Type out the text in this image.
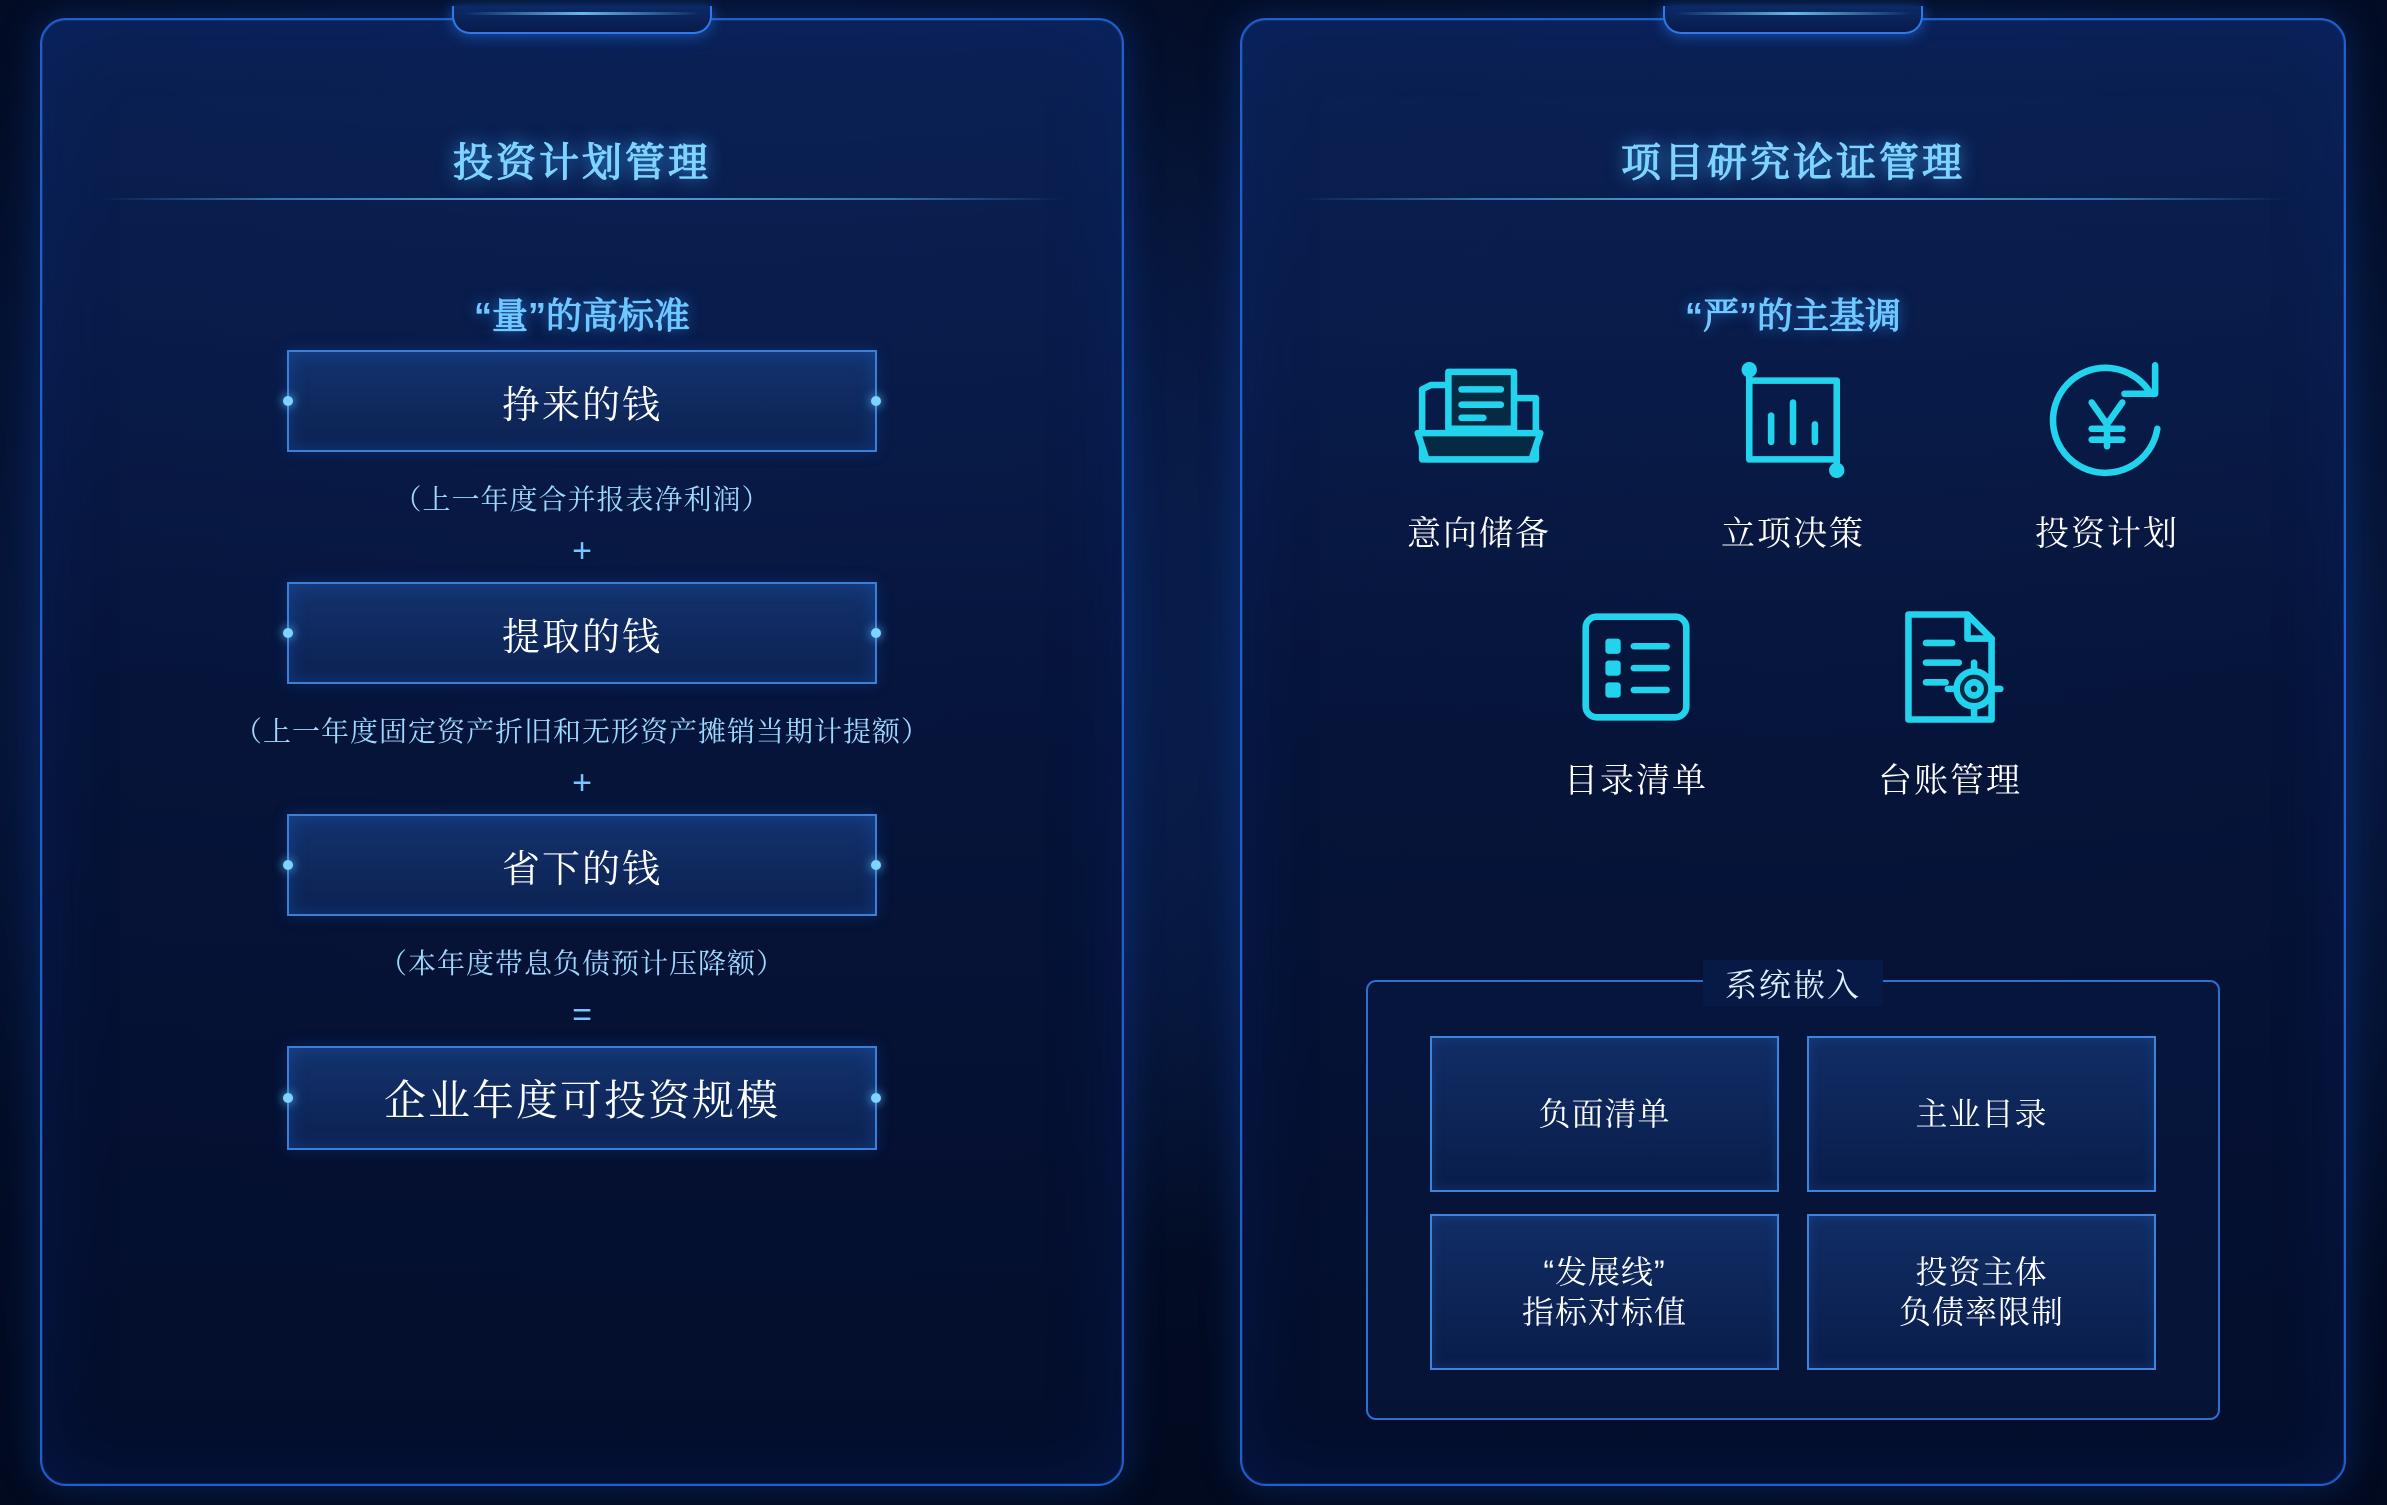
投资计划管理
“量”的高标准
挣来的钱

（上一年度合并报表净利润）

+

提取的钱

（上一年度固定资产折旧和无形资产摊销当期计提额）

+

省下的钱

（本年度带息负债预计压降额）

=

企业年度可投资规模
项目研究论证管理
“严”的主基调
意向储备	立项决策	投资计划
目录清单	台账管理
系统嵌入
负面清单	主业目录
“发展线”
指标对标值
投资主体
负债率限制
